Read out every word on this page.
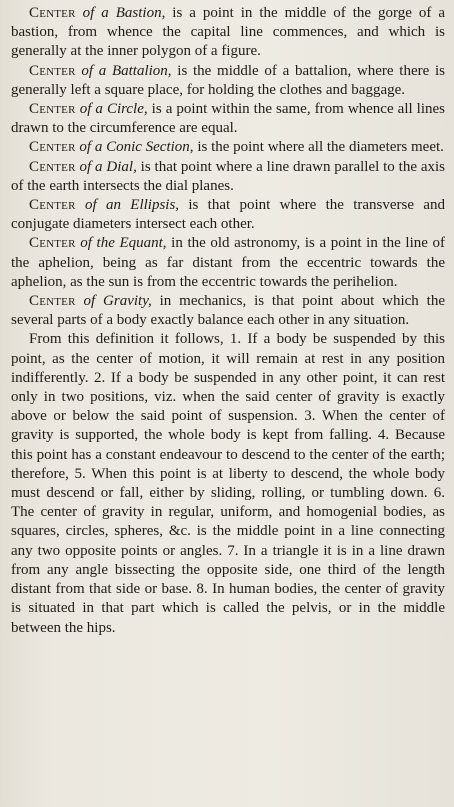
Center of a Bastion, is a point in the middle of the gorge of a bastion, from whence the capital line commences, and which is generally at the inner polygon of a figure.

Center of a Battalion, is the middle of a battalion, where there is generally left a square place, for holding the clothes and baggage.

Center of a Circle, is a point within the same, from whence all lines drawn to the circumference are equal.

Center of a Conic Section, is the point where all the diameters meet.

Center of a Dial, is that point where a line drawn parallel to the axis of the earth intersects the dial planes.

Center of an Ellipsis, is that point where the transverse and conjugate diameters intersect each other.

Center of the Equant, in the old astronomy, is a point in the line of the aphelion, being as far distant from the eccentric towards the aphelion, as the sun is from the eccentric towards the perihelion.

Center of Gravity, in mechanics, is that point about which the several parts of a body exactly balance each other in any situation.

From this definition it follows, 1. If a body be suspended by this point, as the center of motion, it will remain at rest in any position indifferently. 2. If a body be suspended in any other point, it can rest only in two positions, viz. when the said center of gravity is exactly above or below the said point of suspension. 3. When the center of gravity is supported, the whole body is kept from falling. 4. Because this point has a constant endeavour to descend to the center of the earth; therefore, 5. When this point is at liberty to descend, the whole body must descend or fall, either by sliding, rolling, or tumbling down. 6. The center of gravity in regular, uniform, and homogenial bodies, as squares, circles, spheres, &c. is the middle point in a line connecting any two opposite points or angles. 7. In a triangle it is in a line drawn from any angle bissecting the opposite side, one third of the length distant from that side or base. 8. In human bodies, the center of gravity is situated in that part which is called the pelvis, or in the middle between the hips.
